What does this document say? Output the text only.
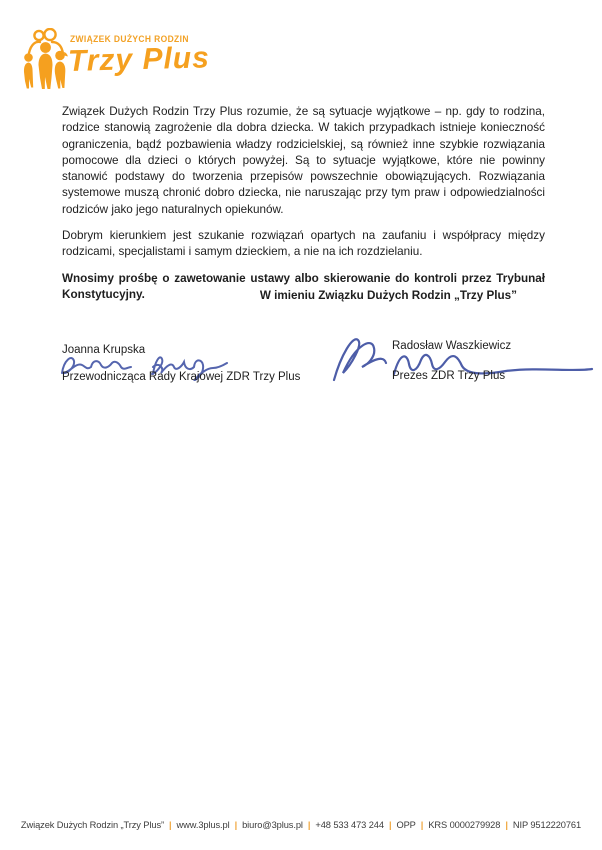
ZWIĄZEK DUŻYCH RODZIN
Trzy Plus

Związek Dużych Rodzin Trzy Plus rozumie, że są sytuacje wyjątkowe – np. gdy to rodzina, rodzice stanowią zagrożenie dla dobra dziecka. W takich przypadkach istnieje konieczność ograniczenia, bądź pozbawienia władzy rodzicielskiej, są również inne szybkie rozwiązania pomocowe dla dzieci o których powyżej. Są to sytuacje wyjątkowe, które nie powinny stanowić podstawy do tworzenia przepisów powszechnie obowiązujących. Rozwiązania systemowe muszą chronić dobro dziecka, nie naruszając przy tym praw i odpowiedzialności rodziców jako jego naturalnych opiekunów.

Dobrym kierunkiem jest szukanie rozwiązań opartych na zaufaniu i współpracy między rodzicami, specjalistami i samym dzieckiem, a nie na ich rozdzielaniu.

Wnosimy prośbę o zawetowanie ustawy albo skierowanie do kontroli przez Trybunał Konstytucyjny.	W imieniu Związku Dużych Rodzin „Trzy Plus”
Joanna Krupska
Przewodnicząca Rady Krajowej ZDR Trzy Plus
Radosław Waszkiewicz
Prezes ZDR Trzy Plus
Związek Dużych Rodzin „Trzy Plus” | www.3plus.pl | biuro@3plus.pl | +48 533 473 244 | OPP | KRS 0000279928 | NIP 9512220761
